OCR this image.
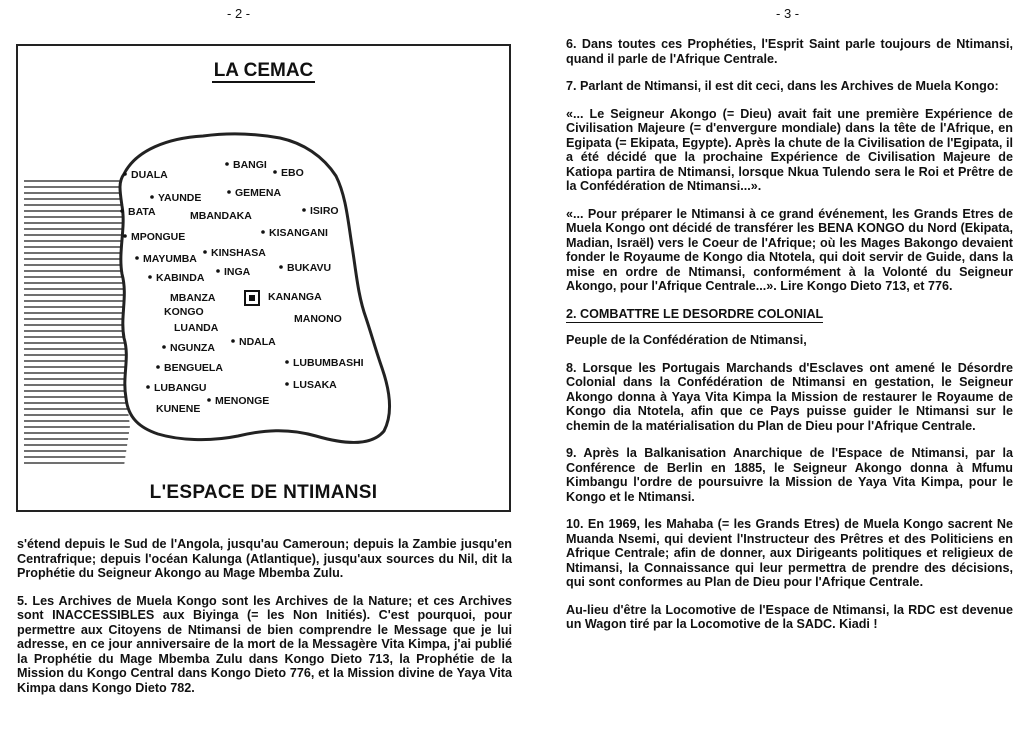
- 2 -	- 3 -
LA CEMAC
DUALA
BANGI
EBO
YAUNDE	GEMENA
BATA	MBANDAKA	ISIRO
KISANGANI
MPONGUE
KINSHASA
MAYUMBA
INGA	BUKAVU
KABINDA
MBANZA
KONGO
KANANGA
MANONO
LUANDA
NGUNZA NDALA
LUBUMBASHI
BENGUELA
LUSAKA
LUBANGU
MENONGE
KUNENE
L'ESPACE DE NTIMANSI

s'étend depuis le Sud de l'Angola, jusqu'au Cameroun; depuis la Zambie jusqu'en Centrafrique; depuis l'océan Kalunga (Atlantique), jusqu'aux sources du Nil, dit la Prophétie du Seigneur Akongo au Mage Mbemba Zulu.

5. Les Archives de Muela Kongo sont les Archives de la Nature; et ces Archives sont INACCESSIBLES aux Biyinga (= les Non Initiés). C'est pourquoi, pour permettre aux Citoyens de Ntimansi de bien comprendre le Message que je lui adresse, en ce jour anniversaire de la mort de la Messagère Vita Kimpa, j'ai publié la Prophétie du Mage Mbemba Zulu dans Kongo Dieto 713, la Prophétie de la Mission du Kongo Central dans Kongo Dieto 776, et la Mission divine de Yaya Vita Kimpa dans Kongo Dieto 782.

6. Dans toutes ces Prophéties, l'Esprit Saint parle toujours de Ntimansi, quand il parle de l'Afrique Centrale.

7. Parlant de Ntimansi, il est dit ceci, dans les Archives de Muela Kongo:

«... Le Seigneur Akongo (= Dieu) avait fait une première Expérience de Civilisation Majeure (= d'envergure mondiale) dans la tête de l'Afrique, en Egipata (= Ekipata, Egypte). Après la chute de la Civilisation de l'Egipata, il a été décidé que la prochaine Expérience de Civilisation Majeure de Katiopa partira de Ntimansi, lorsque Nkua Tulendo sera le Roi et Prêtre de la Confédération de Ntimansi...».

«... Pour préparer le Ntimansi à ce grand événement, les Grands Etres de Muela Kongo ont décidé de transférer les BENA KONGO du Nord (Ekipata, Madian, Israël) vers le Coeur de l'Afrique; où les Mages Bakongo devaient fonder le Royaume de Kongo dia Ntotela, qui doit servir de Guide, dans la mise en ordre de Ntimansi, conformément à la Volonté du Seigneur Akongo, pour l'Afrique Centrale...». Lire Kongo Dieto 713, et 776.

2. COMBATTRE LE DESORDRE COLONIAL

Peuple de la Confédération de Ntimansi,

8. Lorsque les Portugais Marchands d'Esclaves ont amené le Désordre Colonial dans la Confédération de Ntimansi en gestation, le Seigneur Akongo donna à Yaya Vita Kimpa la Mission de restaurer le Royaume de Kongo dia Ntotela, afin que ce Pays puisse guider le Ntimansi sur le chemin de la matérialisation du Plan de Dieu pour l'Afrique Centrale.

9. Après la Balkanisation Anarchique de l'Espace de Ntimansi, par la Conférence de Berlin en 1885, le Seigneur Akongo donna à Mfumu Kimbangu l'ordre de poursuivre la Mission de Yaya Vita Kimpa, pour le Kongo et le Ntimansi.

10. En 1969, les Mahaba (= les Grands Etres) de Muela Kongo sacrent Ne Muanda Nsemi, qui devient l'Instructeur des Prêtres et des Politiciens en Afrique Centrale; afin de donner, aux Dirigeants politiques et religieux de Ntimansi, la Connaissance qui leur permettra de prendre des décisions, qui sont conformes au Plan de Dieu pour l'Afrique Centrale.

Au-lieu d'être la Locomotive de l'Espace de Ntimansi, la RDC est devenue un Wagon tiré par la Locomotive de la SADC. Kiadi !
